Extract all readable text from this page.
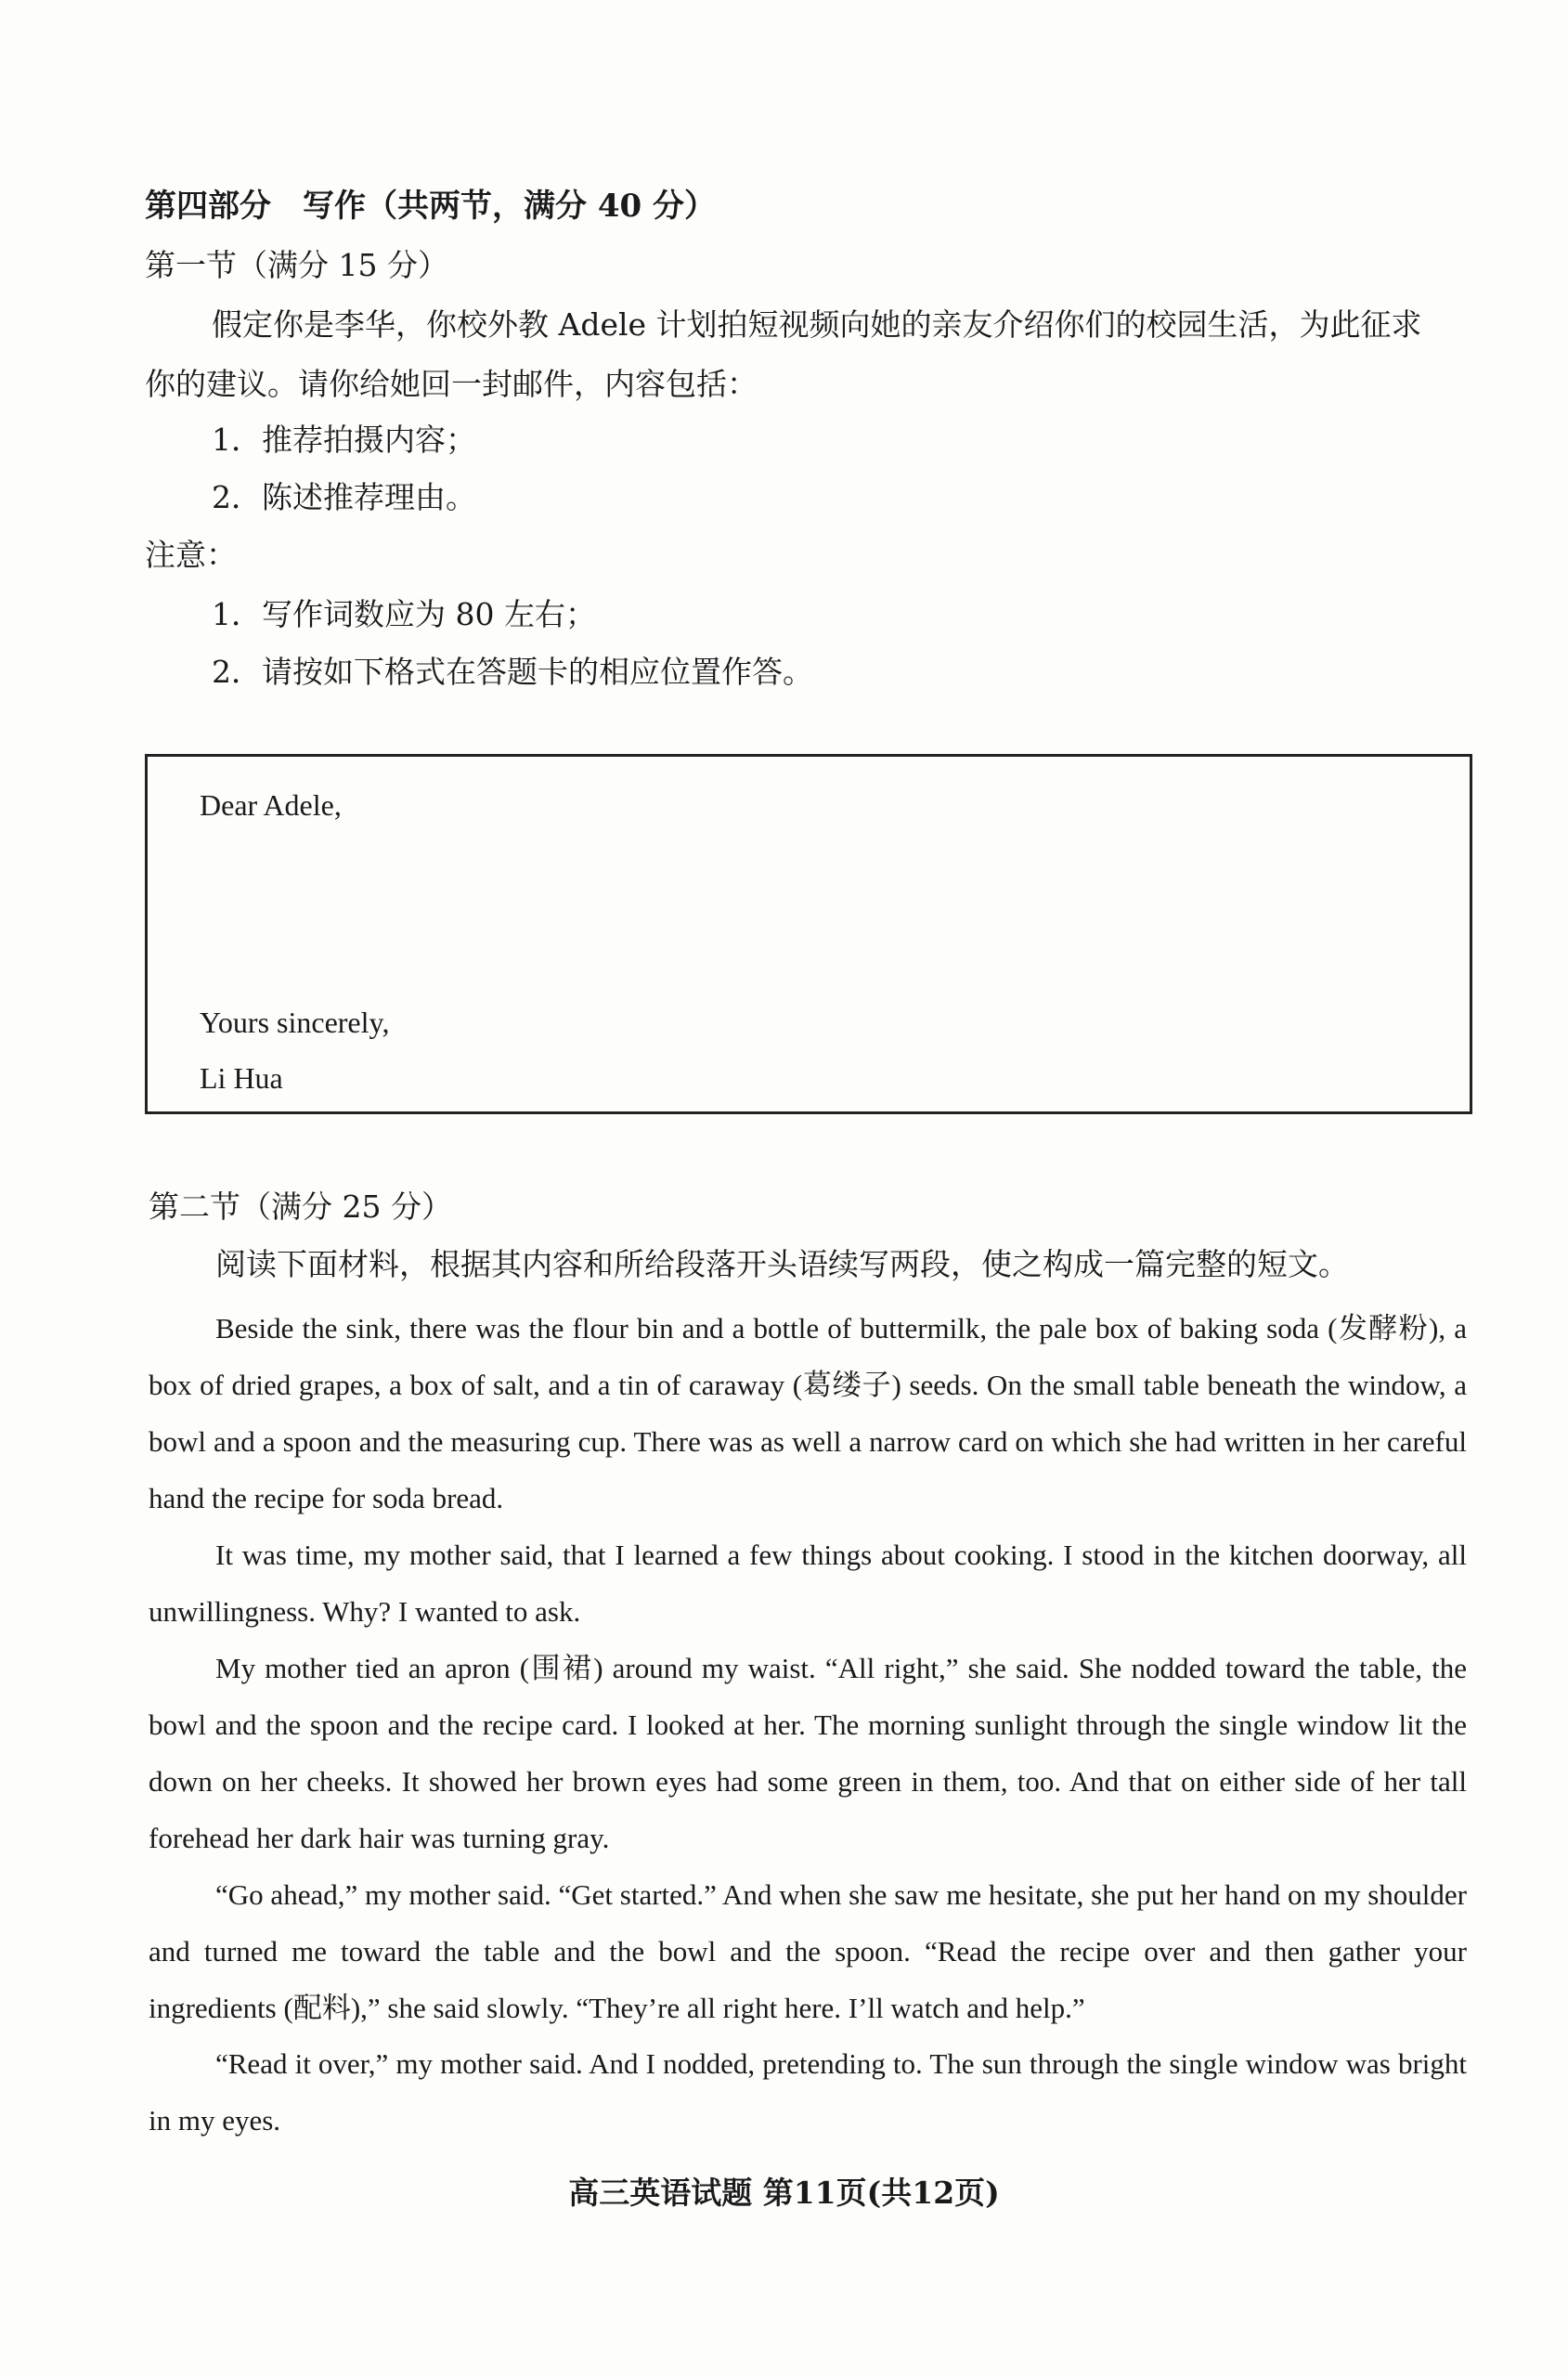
第四部分　写作（共两节，满分 40 分）
第一节（满分 15 分）
假定你是李华，你校外教 Adele 计划拍短视频向她的亲友介绍你们的校园生活，为此征求
你的建议。请你给她回一封邮件，内容包括：
1．推荐拍摄内容；
2．陈述推荐理由。
注意：
1．写作词数应为 80 左右；
2．请按如下格式在答题卡的相应位置作答。
Dear Adele,
Yours sincerely,
Li Hua
第二节（满分 25 分）
阅读下面材料，根据其内容和所给段落开头语续写两段，使之构成一篇完整的短文。
Beside the sink, there was the flour bin and a bottle of buttermilk, the pale box of baking soda (发酵粉), a box of dried grapes, a box of salt, and a tin of caraway (葛缕子) seeds. On the small table beneath the window, a bowl and a spoon and the measuring cup. There was as well a narrow card on which she had written in her careful hand the recipe for soda bread.
It was time, my mother said, that I learned a few things about cooking. I stood in the kitchen doorway, all unwillingness. Why? I wanted to ask.
My mother tied an apron (围裙) around my waist. “All right,” she said. She nodded toward the table, the bowl and the spoon and the recipe card. I looked at her. The morning sunlight through the single window lit the down on her cheeks. It showed her brown eyes had some green in them, too. And that on either side of her tall forehead her dark hair was turning gray.
“Go ahead,” my mother said. “Get started.” And when she saw me hesitate, she put her hand on my shoulder and turned me toward the table and the bowl and the spoon. “Read the recipe over and then gather your ingredients (配料),” she said slowly. “They’re all right here. I’ll watch and help.”
“Read it over,” my mother said. And I nodded, pretending to. The sun through the single window was bright in my eyes.
高三英语试题 第11页(共12页)
